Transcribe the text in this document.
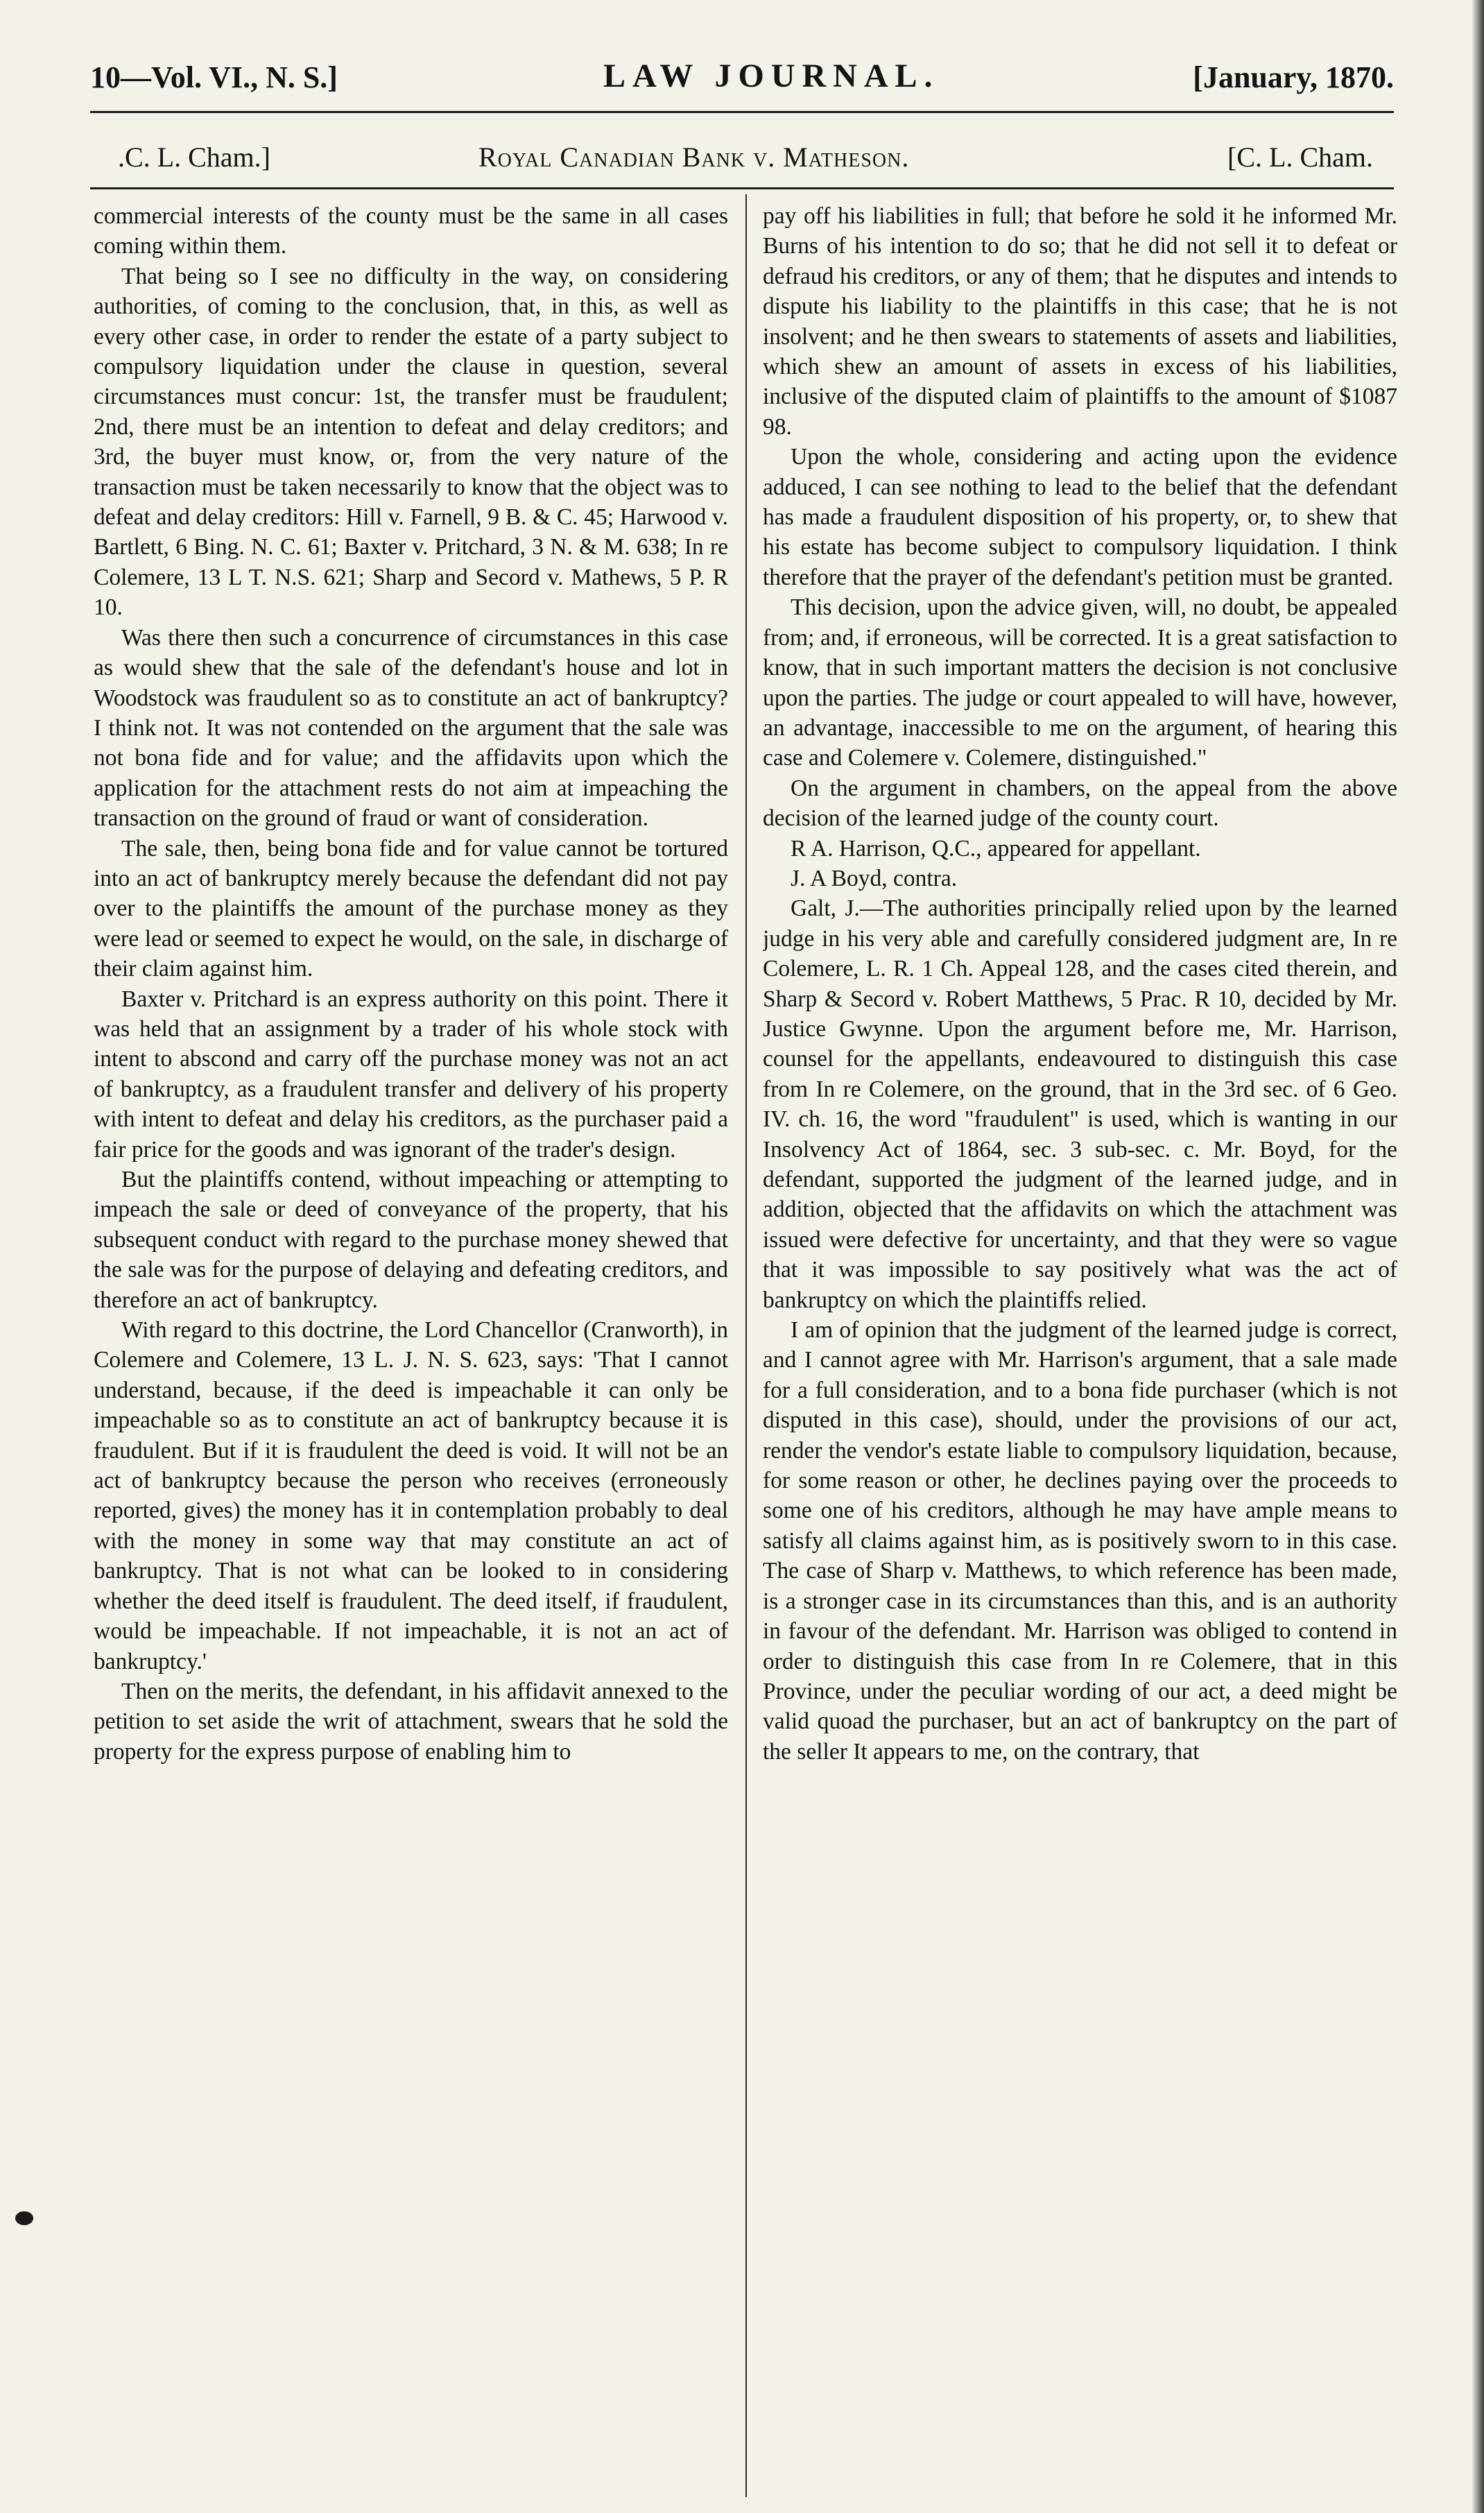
10—Vol. VI., N. S.]	LAW JOURNAL.	[January, 1870.
.C. L. Cham.]	Royal Canadian Bank v. Matheson.	[C. L. Cham.

commercial interests of the county must be the same in all cases coming within them.

That being so I see no difficulty in the way, on considering authorities, of coming to the conclusion, that, in this, as well as every other case, in order to render the estate of a party subject to compulsory liquidation under the clause in question, several circumstances must concur: 1st, the transfer must be fraudulent; 2nd, there must be an intention to defeat and delay creditors; and 3rd, the buyer must know, or, from the very nature of the transaction must be taken necessarily to know that the object was to defeat and delay creditors: Hill v. Farnell, 9 B. & C. 45; Harwood v. Bartlett, 6 Bing. N. C. 61; Baxter v. Pritchard, 3 N. & M. 638; In re Colemere, 13 L T. N.S. 621; Sharp and Secord v. Mathews, 5 P. R 10.

Was there then such a concurrence of circumstances in this case as would shew that the sale of the defendant's house and lot in Woodstock was fraudulent so as to constitute an act of bankruptcy? I think not. It was not contended on the argument that the sale was not bona fide and for value; and the affidavits upon which the application for the attachment rests do not aim at impeaching the transaction on the ground of fraud or want of consideration.

The sale, then, being bona fide and for value cannot be tortured into an act of bankruptcy merely because the defendant did not pay over to the plaintiffs the amount of the purchase money as they were lead or seemed to expect he would, on the sale, in discharge of their claim against him.

Baxter v. Pritchard is an express authority on this point. There it was held that an assignment by a trader of his whole stock with intent to abscond and carry off the purchase money was not an act of bankruptcy, as a fraudulent transfer and delivery of his property with intent to defeat and delay his creditors, as the purchaser paid a fair price for the goods and was ignorant of the trader's design.

But the plaintiffs contend, without impeaching or attempting to impeach the sale or deed of conveyance of the property, that his subsequent conduct with regard to the purchase money shewed that the sale was for the purpose of delaying and defeating creditors, and therefore an act of bankruptcy.

With regard to this doctrine, the Lord Chancellor (Cranworth), in Colemere and Colemere, 13 L. J. N. S. 623, says: 'That I cannot understand, because, if the deed is impeachable it can only be impeachable so as to constitute an act of bankruptcy because it is fraudulent. But if it is fraudulent the deed is void. It will not be an act of bankruptcy because the person who receives (erroneously reported, gives) the money has it in contemplation probably to deal with the money in some way that may constitute an act of bankruptcy. That is not what can be looked to in considering whether the deed itself is fraudulent. The deed itself, if fraudulent, would be impeachable. If not impeachable, it is not an act of bankruptcy.'

Then on the merits, the defendant, in his affidavit annexed to the petition to set aside the writ of attachment, swears that he sold the property for the express purpose of enabling him to

pay off his liabilities in full; that before he sold it he informed Mr. Burns of his intention to do so; that he did not sell it to defeat or defraud his creditors, or any of them; that he disputes and intends to dispute his liability to the plaintiffs in this case; that he is not insolvent; and he then swears to statements of assets and liabilities, which shew an amount of assets in excess of his liabilities, inclusive of the disputed claim of plaintiffs to the amount of $1087 98.

Upon the whole, considering and acting upon the evidence adduced, I can see nothing to lead to the belief that the defendant has made a fraudulent disposition of his property, or, to shew that his estate has become subject to compulsory liquidation. I think therefore that the prayer of the defendant's petition must be granted.

This decision, upon the advice given, will, no doubt, be appealed from; and, if erroneous, will be corrected. It is a great satisfaction to know, that in such important matters the decision is not conclusive upon the parties. The judge or court appealed to will have, however, an advantage, inaccessible to me on the argument, of hearing this case and Colemere v. Colemere, distinguished."

On the argument in chambers, on the appeal from the above decision of the learned judge of the county court.

R A. Harrison, Q.C., appeared for appellant.

J. A Boyd, contra.

Galt, J.—The authorities principally relied upon by the learned judge in his very able and carefully considered judgment are, In re Colemere, L. R. 1 Ch. Appeal 128, and the cases cited therein, and Sharp & Secord v. Robert Matthews, 5 Prac. R 10, decided by Mr. Justice Gwynne. Upon the argument before me, Mr. Harrison, counsel for the appellants, endeavoured to distinguish this case from In re Colemere, on the ground, that in the 3rd sec. of 6 Geo. IV. ch. 16, the word "fraudulent" is used, which is wanting in our Insolvency Act of 1864, sec. 3 sub-sec. c. Mr. Boyd, for the defendant, supported the judgment of the learned judge, and in addition, objected that the affidavits on which the attachment was issued were defective for uncertainty, and that they were so vague that it was impossible to say positively what was the act of bankruptcy on which the plaintiffs relied.

I am of opinion that the judgment of the learned judge is correct, and I cannot agree with Mr. Harrison's argument, that a sale made for a full consideration, and to a bona fide purchaser (which is not disputed in this case), should, under the provisions of our act, render the vendor's estate liable to compulsory liquidation, because, for some reason or other, he declines paying over the proceeds to some one of his creditors, although he may have ample means to satisfy all claims against him, as is positively sworn to in this case. The case of Sharp v. Matthews, to which reference has been made, is a stronger case in its circumstances than this, and is an authority in favour of the defendant. Mr. Harrison was obliged to contend in order to distinguish this case from In re Colemere, that in this Province, under the peculiar wording of our act, a deed might be valid quoad the purchaser, but an act of bankruptcy on the part of the seller It appears to me, on the contrary, that
